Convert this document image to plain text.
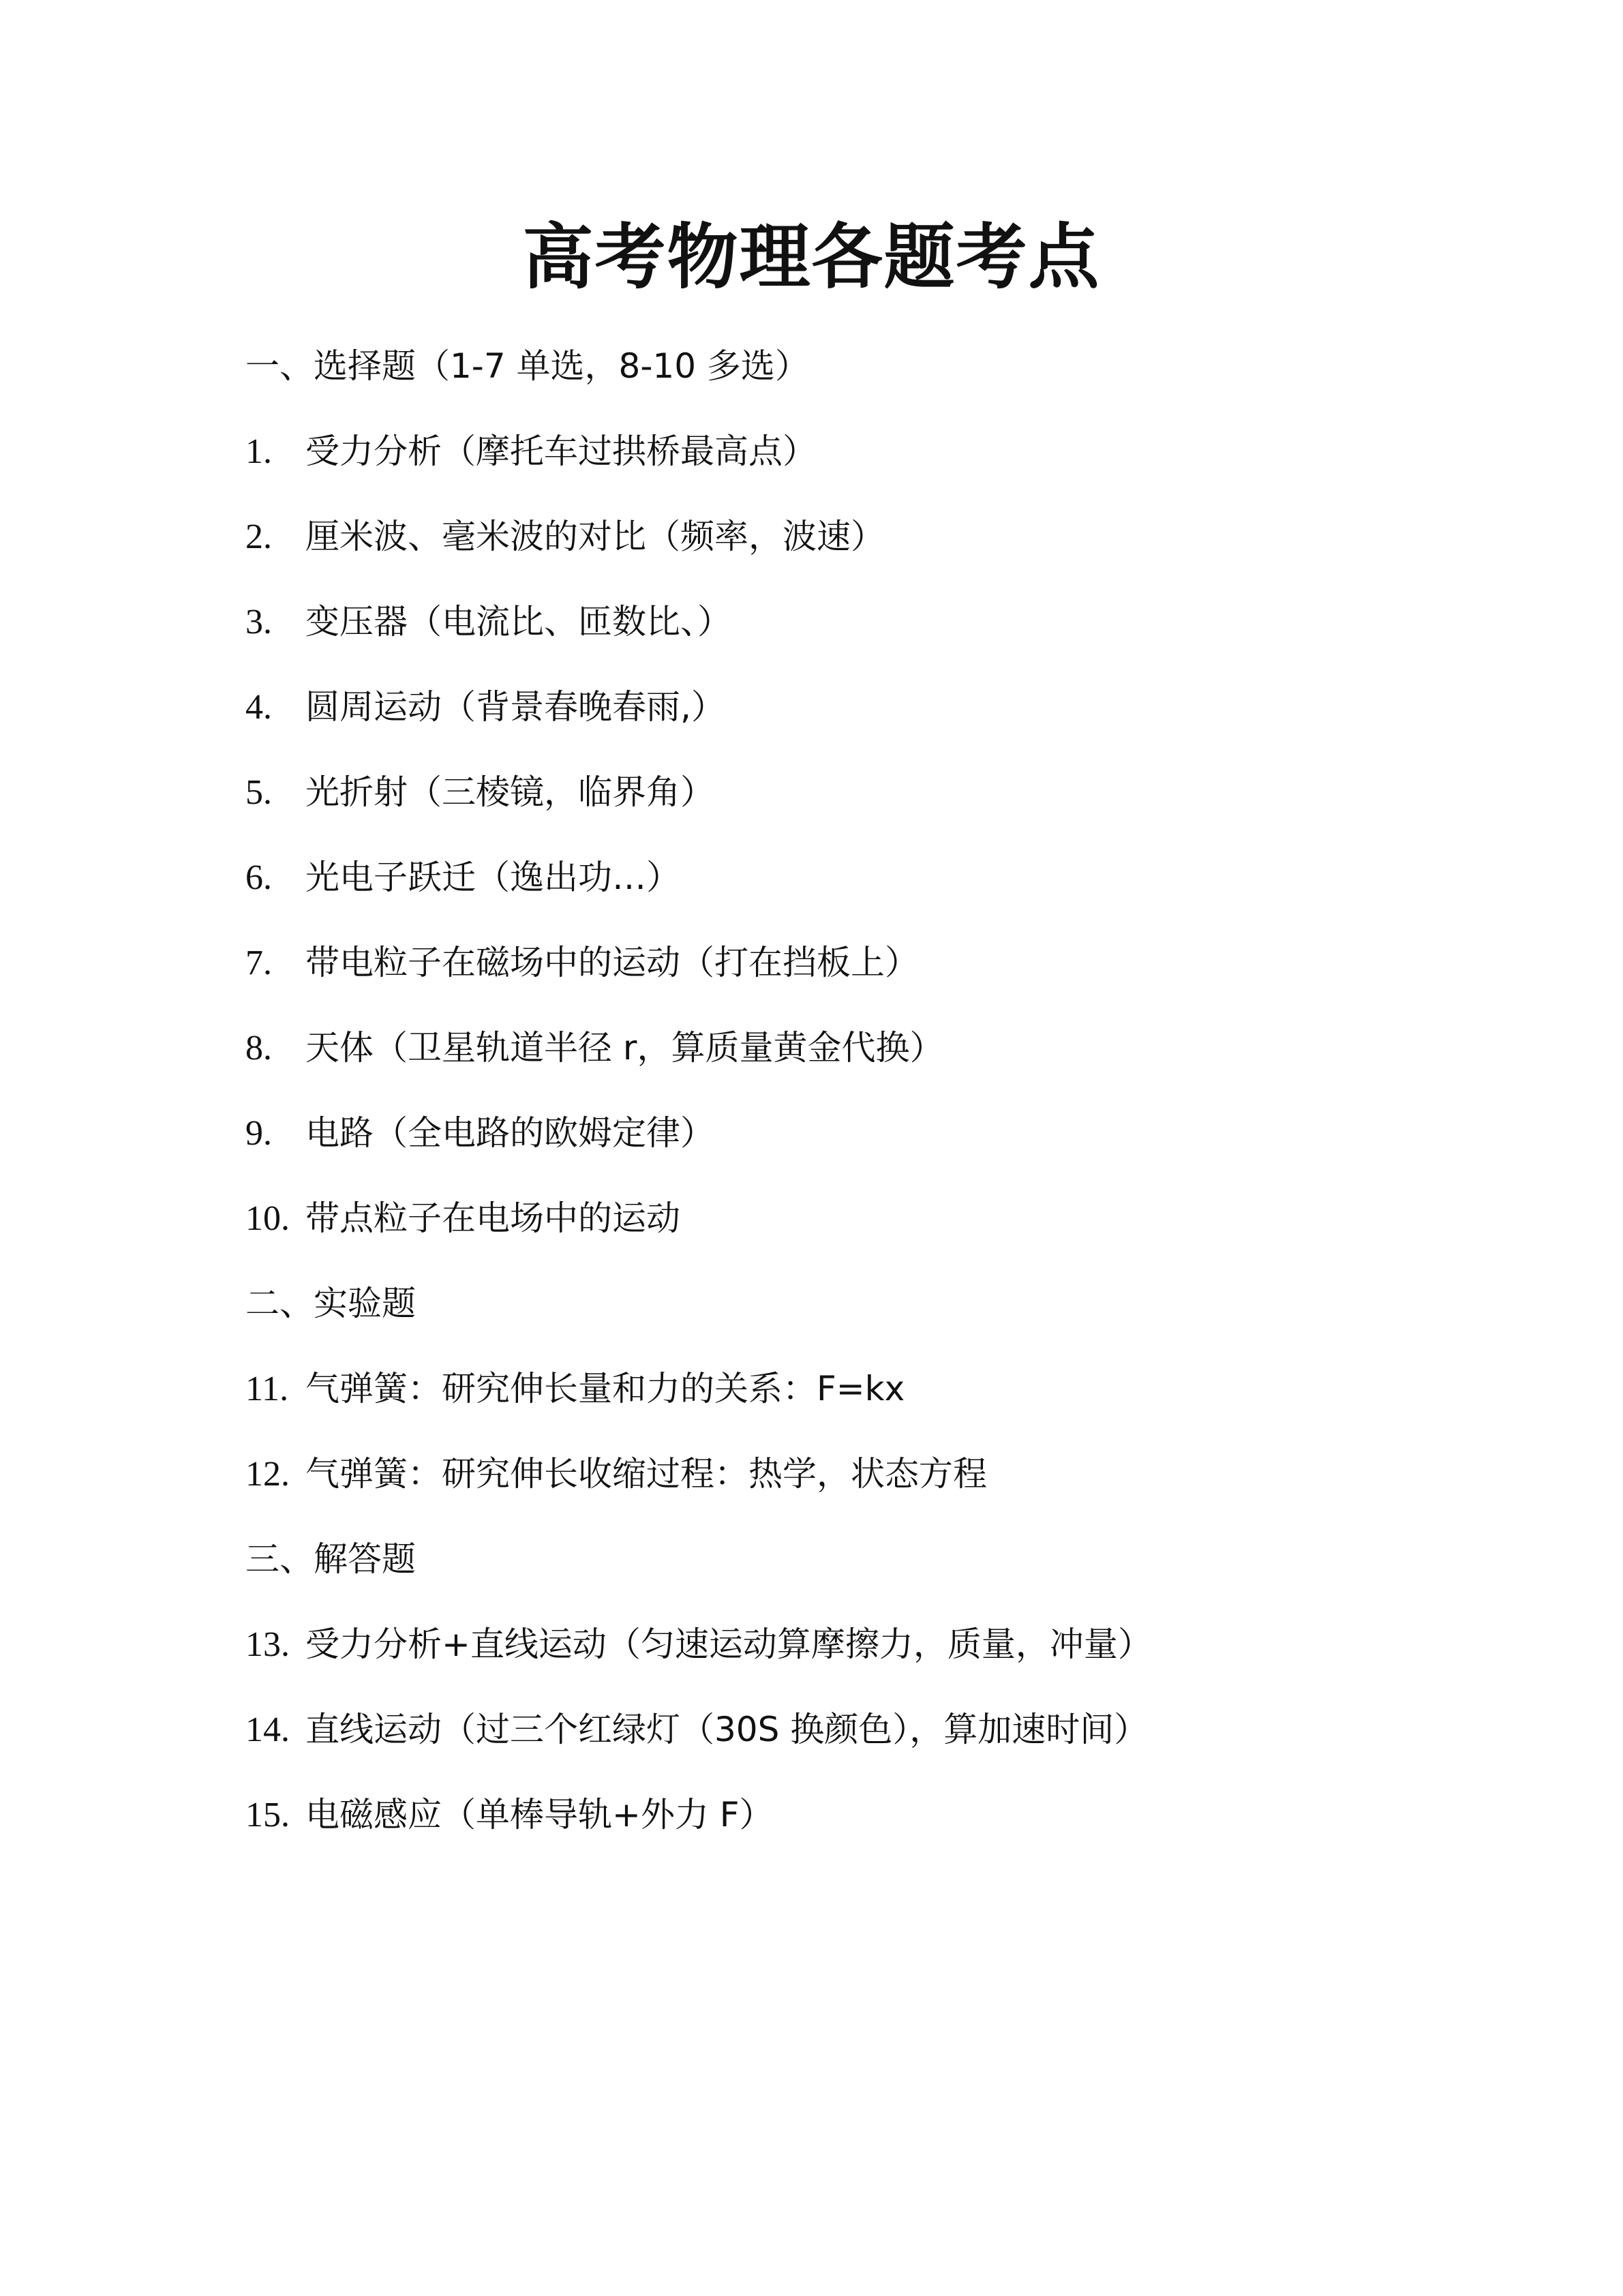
高考物理各题考点
一、选择题（1-7 单选，8-10 多选）
1. 受力分析（摩托车过拱桥最高点）
2. 厘米波、毫米波的对比（频率，波速）
3. 变压器（电流比、匝数比、）
4. 圆周运动（背景春晚春雨,）
5. 光折射（三棱镜，临界角）
6. 光电子跃迁（逸出功…）
7. 带电粒子在磁场中的运动（打在挡板上）
8. 天体（卫星轨道半径 r，算质量黄金代换）
9. 电路（全电路的欧姆定律）
10. 带点粒子在电场中的运动
二、实验题
11. 气弹簧：研究伸长量和力的关系：F=kx
12. 气弹簧：研究伸长收缩过程：热学，状态方程
三、解答题
13. 受力分析+直线运动（匀速运动算摩擦力，质量，冲量）
14. 直线运动（过三个红绿灯（30S 换颜色），算加速时间）
15. 电磁感应（单棒导轨+外力 F）
